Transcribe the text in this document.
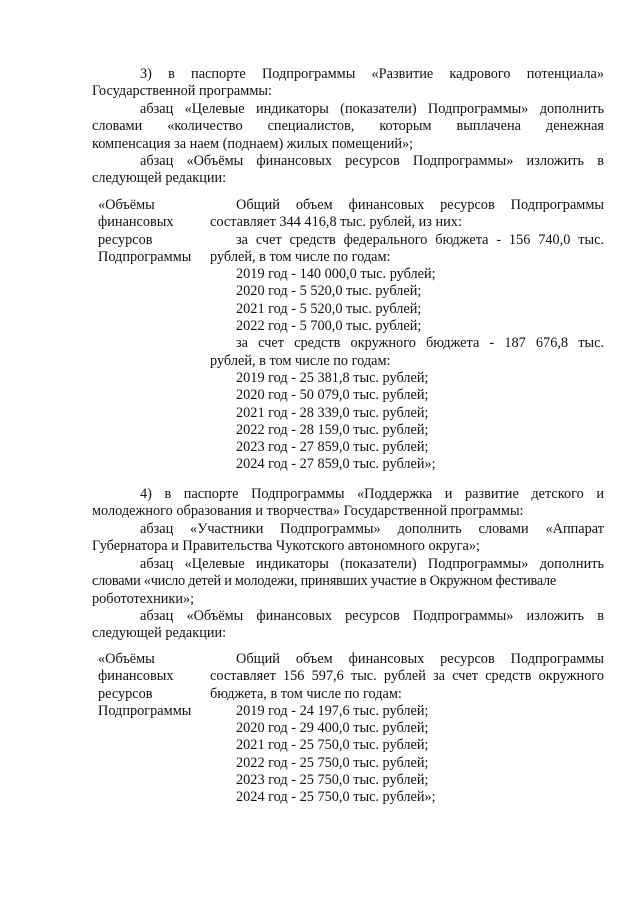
3) в паспорте Подпрограммы «Развитие кадрового потенциала»
Государственной программы:
абзац «Целевые индикаторы (показатели) Подпрограммы» дополнить
словами «количество специалистов, которым выплачена денежная
компенсация за наем (поднаем) жилых помещений»;
абзац «Объёмы финансовых ресурсов Подпрограммы» изложить в
следующей редакции:
«Объёмы
финансовых
ресурсов
Подпрограммы
Общий объем финансовых ресурсов Подпрограммы
составляет 344 416,8 тыс. рублей, из них:
за счет средств федерального бюджета - 156 740,0 тыс.
рублей, в том числе по годам:
2019 год - 140 000,0 тыс. рублей;
2020 год - 5 520,0 тыс. рублей;
2021 год - 5 520,0 тыс. рублей;
2022 год - 5 700,0 тыс. рублей;
за счет средств окружного бюджета - 187 676,8 тыс.
рублей, в том числе по годам:
2019 год - 25 381,8 тыс. рублей;
2020 год - 50 079,0 тыс. рублей;
2021 год - 28 339,0 тыс. рублей;
2022 год - 28 159,0 тыс. рублей;
2023 год - 27 859,0 тыс. рублей;
2024 год - 27 859,0 тыс. рублей»;
4) в паспорте Подпрограммы «Поддержка и развитие детского и
молодежного образования и творчества» Государственной программы:
абзац «Участники Подпрограммы» дополнить словами «Аппарат
Губернатора и Правительства Чукотского автономного округа»;
абзац «Целевые индикаторы (показатели) Подпрограммы» дополнить
словами «число детей и молодежи, принявших участие в Окружном фестивале
робототехники»;
абзац «Объёмы финансовых ресурсов Подпрограммы» изложить в
следующей редакции:
«Объёмы
финансовых
ресурсов
Подпрограммы
Общий объем финансовых ресурсов Подпрограммы
составляет 156 597,6 тыс. рублей за счет средств окружного
бюджета, в том числе по годам:
2019 год - 24 197,6 тыс. рублей;
2020 год - 29 400,0 тыс. рублей;
2021 год - 25 750,0 тыс. рублей;
2022 год - 25 750,0 тыс. рублей;
2023 год - 25 750,0 тыс. рублей;
2024 год - 25 750,0 тыс. рублей»;
